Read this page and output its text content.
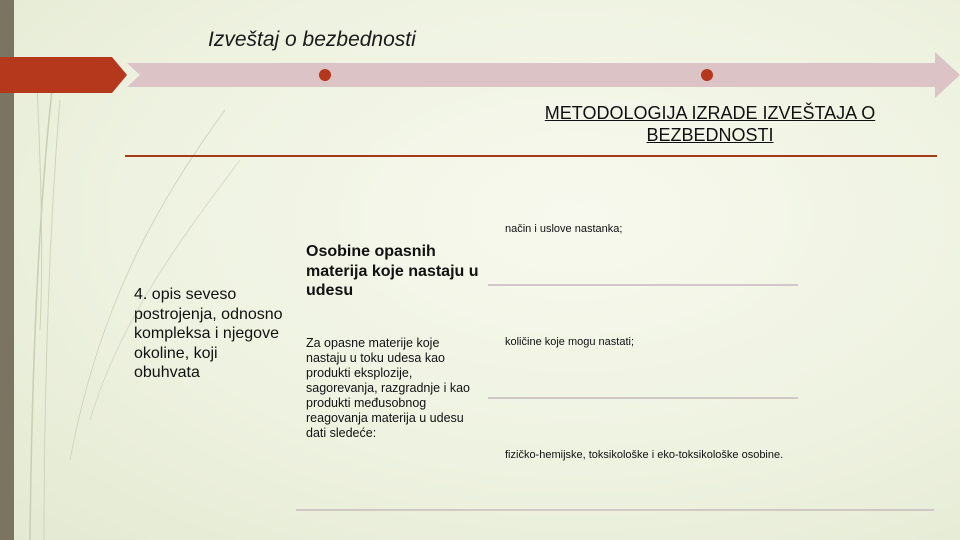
Izveštaj o bezbednosti
METODOLOGIJA IZRADE IZVEŠTAJA O BEZBEDNOSTI
4. opis seveso postrojenja, odnosno kompleksa i njegove okoline, koji obuhvata
Osobine opasnih materija koje nastaju u udesu
Za opasne materije koje nastaju u toku udesa kao produkti eksplozije, sagorevanja, razgradnje i kao produkti međusobnog reagovanja materija u udesu dati sledeće:
način i uslove nastanka;
količine koje mogu nastati;
fizičko-hemijske, toksikološke i eko-toksikološke osobine.
